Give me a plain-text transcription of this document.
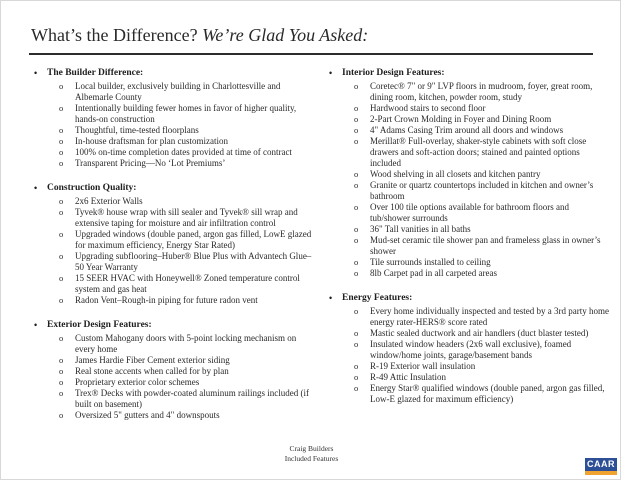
What’s the Difference? We’re Glad You Asked:
•	The Builder Difference:
o	Local builder, exclusively building in Charlottesville and Albemarle County
o	Intentionally building fewer homes in favor of higher quality, hands-on construction
o	Thoughtful, time-tested floorplans
o	In-house draftsman for plan customization
o	100% on-time completion dates provided at time of contract
o	Transparent Pricing—No ‘Lot Premiums’
•	Construction Quality:
o	2x6 Exterior Walls
o	Tyvek® house wrap with sill sealer and Tyvek® sill wrap and extensive taping for moisture and air infiltration control
o	Upgraded windows (double paned, argon gas filled, LowE glazed for maximum efficiency, Energy Star Rated)
o	Upgrading subflooring–Huber® Blue Plus with Advantech Glue–50 Year Warranty
o	15 SEER HVAC with Honeywell® Zoned temperature control system and gas heat
o	Radon Vent–Rough-in piping for future radon vent
•	Exterior Design Features:
o	Custom Mahogany doors with 5-point locking mechanism on every home
o	James Hardie Fiber Cement exterior siding
o	Real stone accents when called for by plan
o	Proprietary exterior color schemes
o	Trex® Decks with powder-coated aluminum railings included (if built on basement)
o	Oversized 5" gutters and 4" downspouts
•	Interior Design Features:
o	Coretec® 7" or 9" LVP floors in mudroom, foyer, great room, dining room, kitchen, powder room, study
o	Hardwood stairs to second floor
o	2-Part Crown Molding in Foyer and Dining Room
o	4" Adams Casing Trim around all doors and windows
o	Merillat® Full-overlay, shaker-style cabinets with soft close drawers and soft-action doors; stained and painted options included
o	Wood shelving in all closets and kitchen pantry
o	Granite or quartz countertops included in kitchen and owner’s bathroom
o	Over 100 tile options available for bathroom floors and tub/shower surrounds
o	36" Tall vanities in all baths
o	Mud-set ceramic tile shower pan and frameless glass in owner’s shower
o	Tile surrounds installed to ceiling
o	8lb Carpet pad in all carpeted areas
•	Energy Features:
o	Every home individually inspected and tested by a 3rd party home energy rater-HERS® score rated
o	Mastic sealed ductwork and air handlers (duct blaster tested)
o	Insulated window headers (2x6 wall exclusive), foamed window/home joints, garage/basement bands
o	R-19 Exterior wall insulation
o	R-49 Attic Insulation
o	Energy Star® qualified windows (double paned, argon gas filled, Low-E glazed for maximum efficiency)
Craig Builders
Included Features
CAAR
